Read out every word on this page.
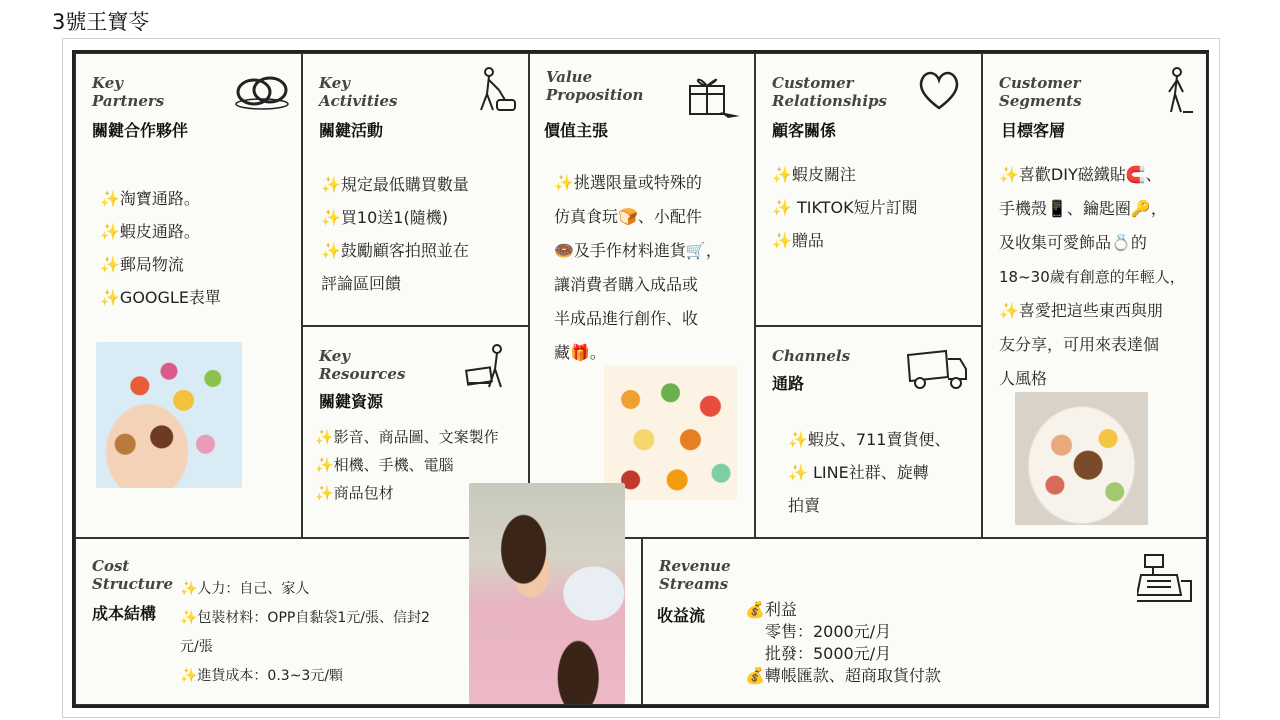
3號王寶苓
Key
Partners
關鍵合作夥伴
✨淘寶通路。
✨蝦皮通路。
✨郵局物流
✨GOOGLE表單
Key
Activities
關鍵活動
✨規定最低購買數量
✨買10送1(隨機)
✨鼓勵顧客拍照並在
評論區回饋
Key
Resources
關鍵資源
✨影音、商品圖、文案製作
✨相機、手機、電腦
✨商品包材
Value
Proposition
價值主張
✨挑選限量或特殊的
仿真食玩🍞、小配件
🍩及手作材料進貨🛒，
讓消費者購入成品或
半成品進行創作、收
藏🎁。
Customer
Relationships
顧客關係
✨蝦皮關注
✨ TIKTOK短片訂閱
✨贈品
Channels
通路
✨蝦皮、711賣貨便、
✨ LINE社群、旋轉
拍賣
Customer
Segments
目標客層
✨喜歡DIY磁鐵貼🧲、
手機殼📱、鑰匙圈🔑，
及收集可愛飾品💍的
18~30歲有創意的年輕人，
✨喜愛把這些東西與朋
友分享，可用來表達個
人風格
Cost
Structure
成本結構
✨人力：自己、家人
✨包裝材料：OPP自黏袋1元/張、信封2
元/張
✨進貨成本：0.3~3元/顆
Revenue
Streams
收益流 💰利益
零售：2000元/月
批發：5000元/月
💰轉帳匯款、超商取貨付款
